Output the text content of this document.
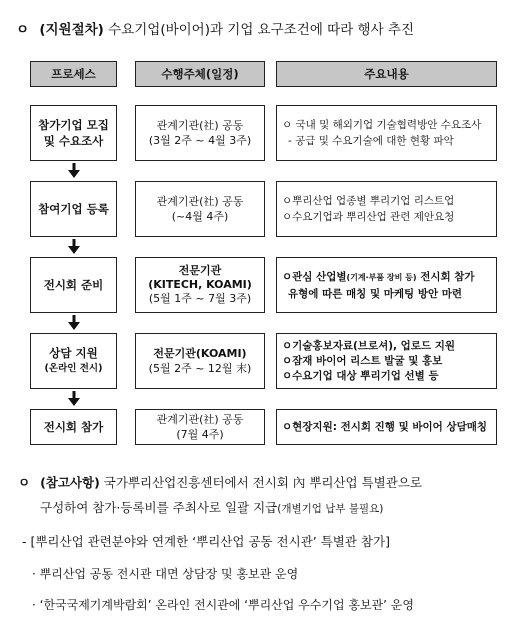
ㅇ (지원절차) 수요기업(바이어)과 기업 요구조건에 따라 행사 추진
프로세스	수행주체(일정)	주요내용
참가기업 모집
및 수요조사
관계기관(社) 공동
(3월 2주 ~ 4월 3주)
ㅇ 국내 및 해외기업 기술협력방안 수요조사
- 공급 및 수요기술에 대한 현황 파악
참여기업 등록
관계기관(社) 공동
(~4월 4주)
ㅇ뿌리산업 업종별 뿌리기업 리스트업
ㅇ수요기업과 뿌리산업 관련 제안요청
전시회 준비
전문기관
(KITECH, KOAMI)
(5월 1주 ~ 7월 3주)
ㅇ관심 산업별(기계·부품 장비 등) 전시회 참가
유형에 따른 매칭 및 마케팅 방안 마련
상담 지원
(온라인 전시)
전문기관(KOAMI)
(5월 2주 ~ 12월 末)
ㅇ기술홍보자료(브로셔), 업로드 지원
ㅇ잠재 바이어 리스트 발굴 및 홍보
ㅇ수요기업 대상 뿌리기업 선별 등
전시회 참가
관계기관(社) 공동
(7월 4주)
ㅇ현장지원: 전시회 진행 및 바이어 상담매칭
ㅇ (참고사항) 국가뿌리산업진흥센터에서 전시회 內 뿌리산업 특별관으로
구성하여 참가·등록비를 주최사로 일괄 지급(개별기업 납부 불필요)
- [뿌리산업 관련분야와 연계한 ‘뿌리산업 공동 전시관’ 특별관 참가]
· 뿌리산업 공동 전시관 대면 상담장 및 홍보관 운영
· ‘한국국제기계박람회’ 온라인 전시관에 ‘뿌리산업 우수기업 홍보관’ 운영
